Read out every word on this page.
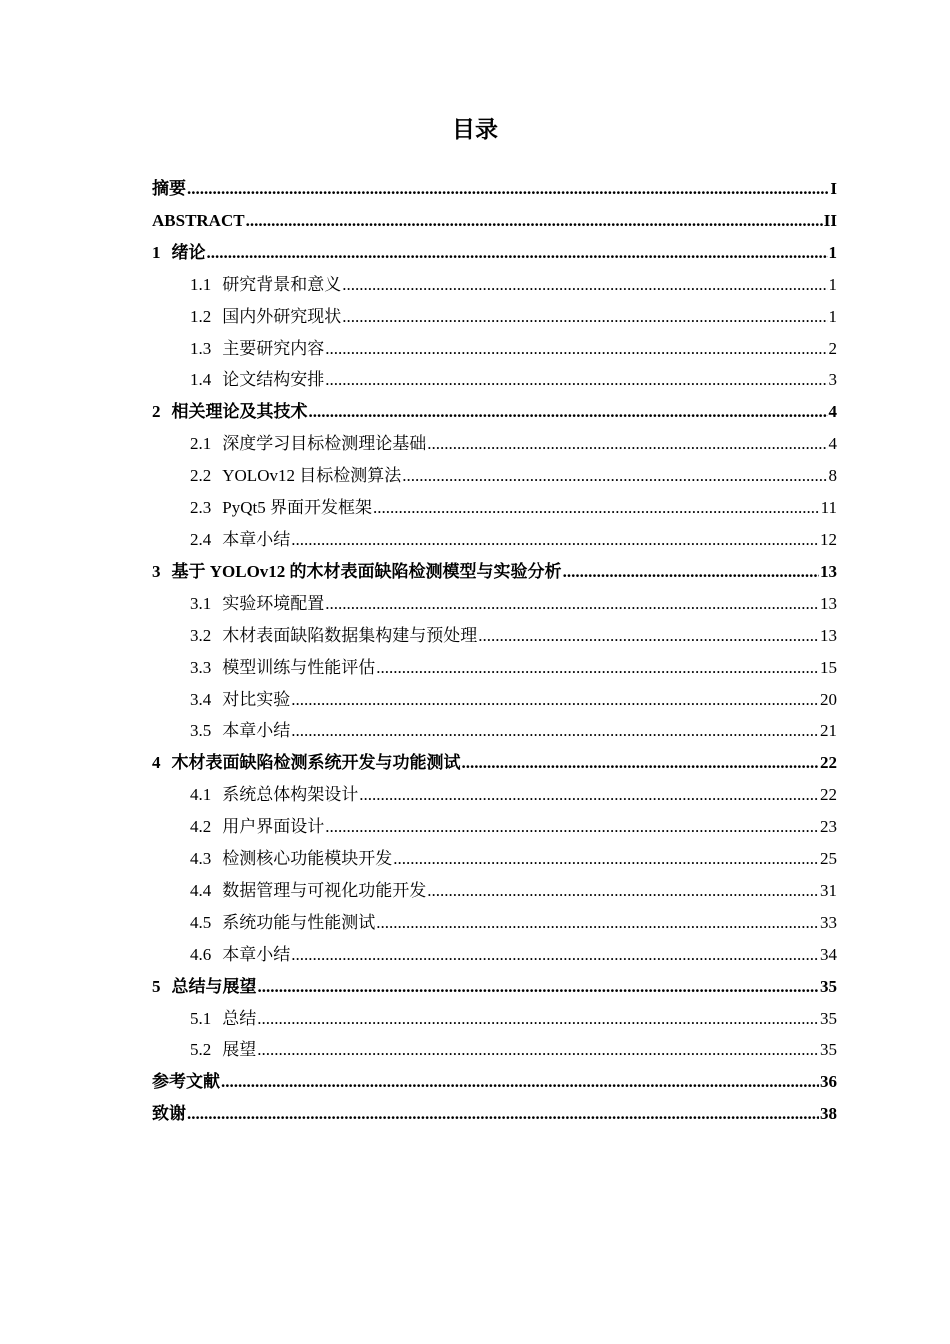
目录
摘要 .....	I
ABSTRACT .....	II
1 绪论 .....	1
1.1 研究背景和意义 .....	1
1.2 国内外研究现状 .....	1
1.3 主要研究内容 .....	2
1.4 论文结构安排 .....	3
2 相关理论及其技术 .....	4
2.1 深度学习目标检测理论基础 .....	4
2.2 YOLOv12 目标检测算法 .....	8
2.3 PyQt5 界面开发框架 .....	11
2.4 本章小结 .....	12
3 基于 YOLOv12 的木材表面缺陷检测模型与实验分析 .....	13
3.1 实验环境配置 .....	13
3.2 木材表面缺陷数据集构建与预处理 .....	13
3.3 模型训练与性能评估 .....	15
3.4 对比实验 .....	20
3.5 本章小结 .....	21
4 木材表面缺陷检测系统开发与功能测试 .....	22
4.1 系统总体构架设计 .....	22
4.2 用户界面设计 .....	23
4.3 检测核心功能模块开发 .....	25
4.4 数据管理与可视化功能开发 .....	31
4.5 系统功能与性能测试 .....	33
4.6 本章小结 .....	34
5 总结与展望 .....	35
5.1 总结 .....	35
5.2 展望 .....	35
参考文献 .....	36
致谢 .....	38
